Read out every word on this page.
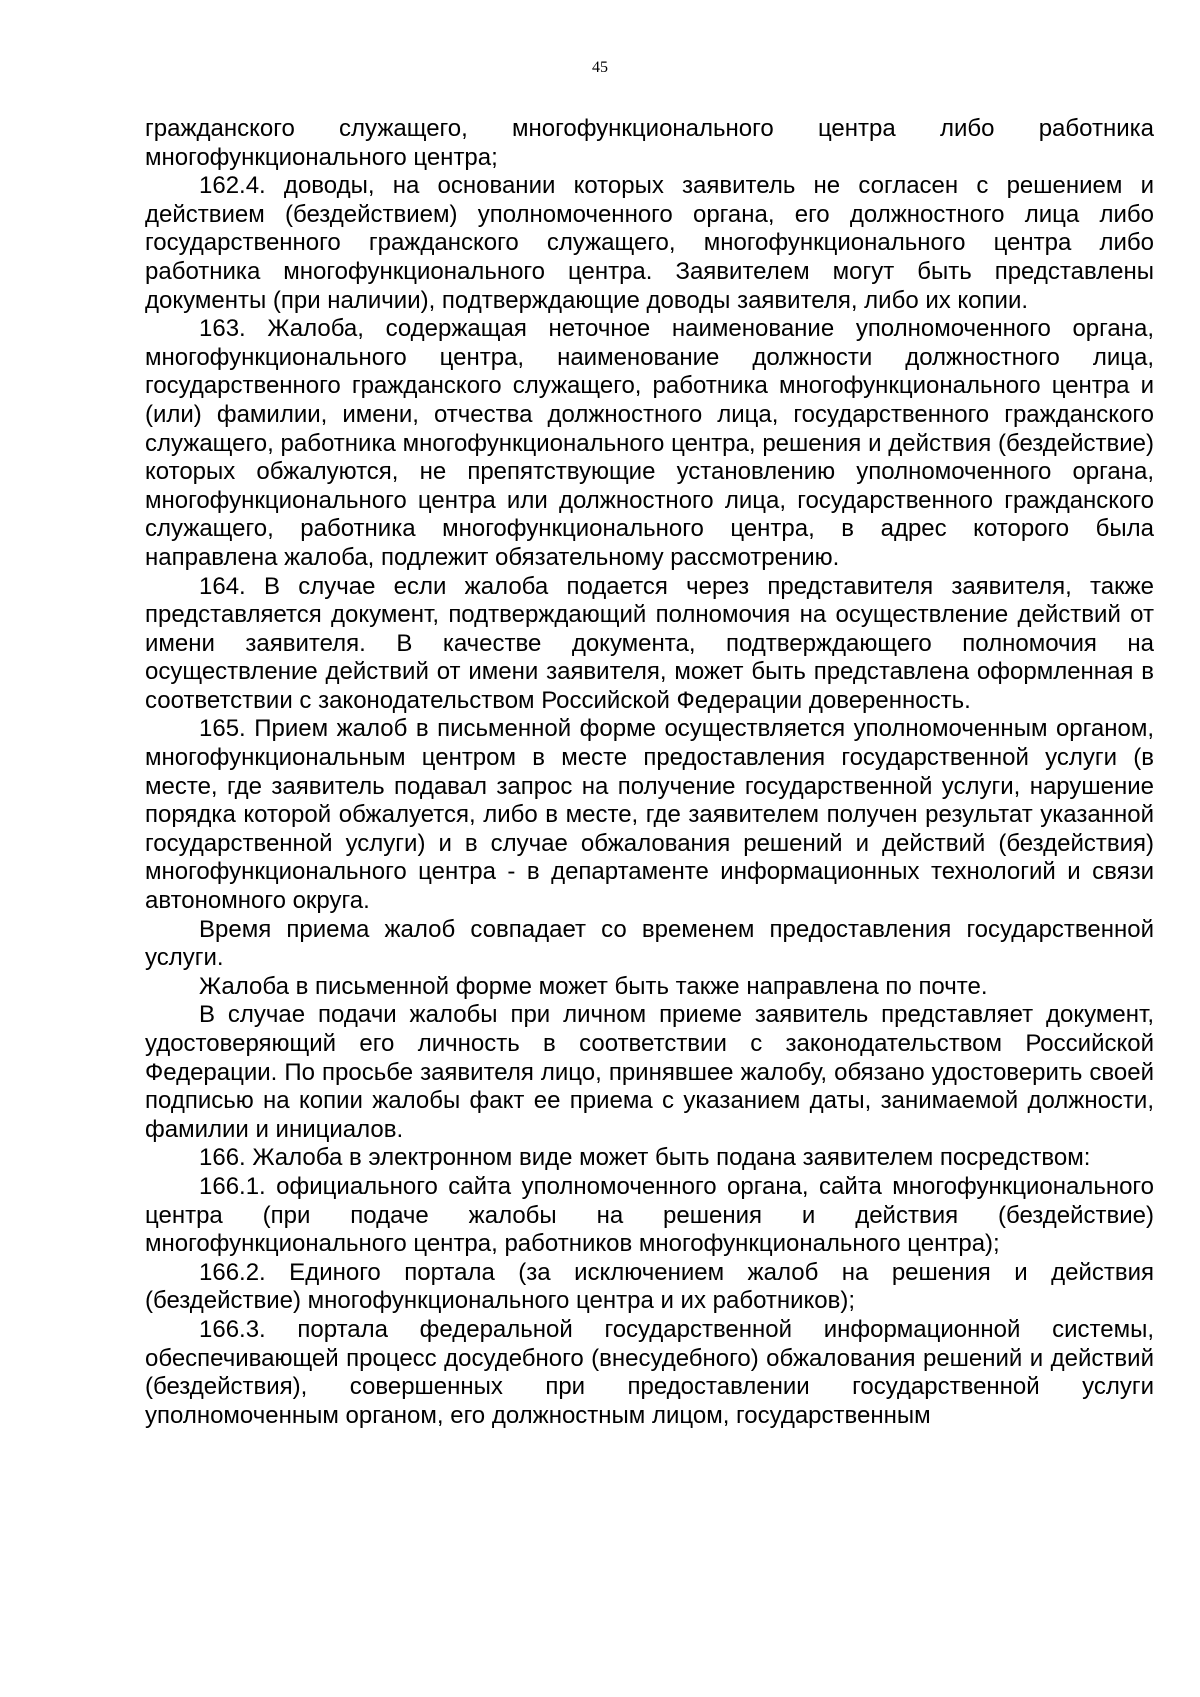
45

гражданского служащего, многофункционального центра либо работника многофункционального центра;

162.4. доводы, на основании которых заявитель не согласен с решением и действием (бездействием) уполномоченного органа, его должностного лица либо государственного гражданского служащего, многофункционального центра либо работника многофункционального центра. Заявителем могут быть представлены документы (при наличии), подтверждающие доводы заявителя, либо их копии.

163. Жалоба, содержащая неточное наименование уполномоченного органа, многофункционального центра, наименование должности должностного лица, государственного гражданского служащего, работника многофункционального центра и (или) фамилии, имени, отчества должностного лица, государственного гражданского служащего, работника многофункционального центра, решения и действия (бездействие) которых обжалуются, не препятствующие установлению уполномоченного органа, многофункционального центра или должностного лица, государственного гражданского служащего, работника многофункционального центра, в адрес которого была направлена жалоба, подлежит обязательному рассмотрению.

164. В случае если жалоба подается через представителя заявителя, также представляется документ, подтверждающий полномочия на осуществление действий от имени заявителя. В качестве документа, подтверждающего полномочия на осуществление действий от имени заявителя, может быть представлена оформленная в соответствии с законодательством Российской Федерации доверенность.

165. Прием жалоб в письменной форме осуществляется уполномоченным органом, многофункциональным центром в месте предоставления государственной услуги (в месте, где заявитель подавал запрос на получение государственной услуги, нарушение порядка которой обжалуется, либо в месте, где заявителем получен результат указанной государственной услуги) и в случае обжалования решений и действий (бездействия) многофункционального центра - в департаменте информационных технологий и связи автономного округа.

Время приема жалоб совпадает со временем предоставления государственной услуги.

Жалоба в письменной форме может быть также направлена по почте.

В случае подачи жалобы при личном приеме заявитель представляет документ, удостоверяющий его личность в соответствии с законодательством Российской Федерации. По просьбе заявителя лицо, принявшее жалобу, обязано удостоверить своей подписью на копии жалобы факт ее приема с указанием даты, занимаемой должности, фамилии и инициалов.

166. Жалоба в электронном виде может быть подана заявителем посредством:

166.1. официального сайта уполномоченного органа, сайта многофункционального центра (при подаче жалобы на решения и действия (бездействие) многофункционального центра, работников многофункционального центра);

166.2. Единого портала (за исключением жалоб на решения и действия (бездействие) многофункционального центра и их работников);

166.3. портала федеральной государственной информационной системы, обеспечивающей процесс досудебного (внесудебного) обжалования решений и действий (бездействия), совершенных при предоставлении государственной услуги уполномоченным органом, его должностным лицом, государственным
